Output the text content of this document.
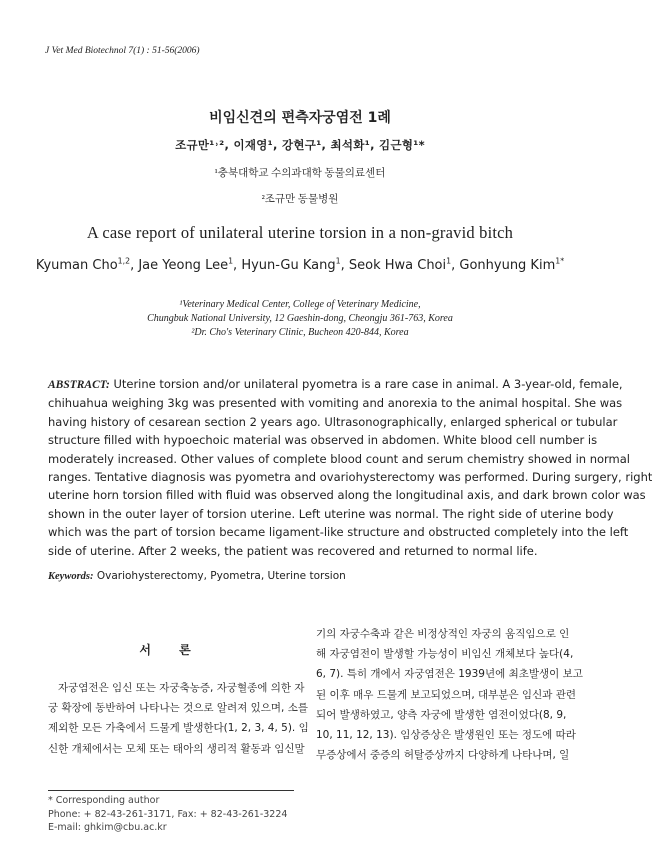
J Vet Med Biotechnol 7(1) : 51-56(2006)
비임신견의 편측자궁염전 1례
조규만¹˒², 이재영¹, 강현구¹, 최석화¹, 김근형¹*
¹충북대학교 수의과대학 동물의료센터
²조규만 동물병원
A case report of unilateral uterine torsion in a non-gravid bitch
Kyuman Cho$^{1,2}$, Jae Yeong Lee$^1$, Hyun-Gu Kang$^1$, Seok Hwa Choi$^1$, Gonhyung Kim$^{1*}$
¹Veterinary Medical Center, College of Veterinary Medicine,
Chungbuk National University, 12 Gaeshin-dong, Cheongju 361-763, Korea
²Dr. Cho's Veterinary Clinic, Bucheon 420-844, Korea
ABSTRACT: Uterine torsion and/or unilateral pyometra is a rare case in animal. A 3-year-old, female,
chihuahua weighing 3kg was presented with vomiting and anorexia to the animal hospital. She was
having history of cesarean section 2 years ago. Ultrasonographically, enlarged spherical or tubular
structure filled with hypoechoic material was observed in abdomen. White blood cell number is
moderately increased. Other values of complete blood count and serum chemistry showed in normal
ranges. Tentative diagnosis was pyometra and ovariohysterectomy was performed. During surgery, right
uterine horn torsion filled with fluid was observed along the longitudinal axis, and dark brown color was
shown in the outer layer of torsion uterine. Left uterine was normal. The right side of uterine body
which was the part of torsion became ligament-like structure and obstructed completely into the left
side of uterine. After 2 weeks, the patient was recovered and returned to normal life.
Keywords: Ovariohysterectomy, Pyometra, Uterine torsion
서 론
자궁염전은 임신 또는 자궁축농증, 자궁혈종에 의한 자
궁 확장에 동반하여 나타나는 것으로 알려져 있으며, 소를
제외한 모든 가축에서 드물게 발생한다(1, 2, 3, 4, 5). 임
신한 개체에서는 모체 또는 태아의 생리적 활동과 임신말
기의 자궁수축과 같은 비정상적인 자궁의 움직임으로 인
해 자궁염전이 발생할 가능성이 비임신 개체보다 높다(4,
6, 7). 특히 개에서 자궁염전은 1939년에 최초발생이 보고
된 이후 매우 드물게 보고되었으며, 대부분은 임신과 관련
되어 발생하였고, 양측 자궁에 발생한 염전이었다(8, 9,
10, 11, 12, 13). 임상증상은 발생원인 또는 정도에 따라
무증상에서 중증의 허탈증상까지 다양하게 나타나며, 일
* Corresponding author
Phone: + 82-43-261-3171, Fax: + 82-43-261-3224
E-mail: ghkim@cbu.ac.kr
